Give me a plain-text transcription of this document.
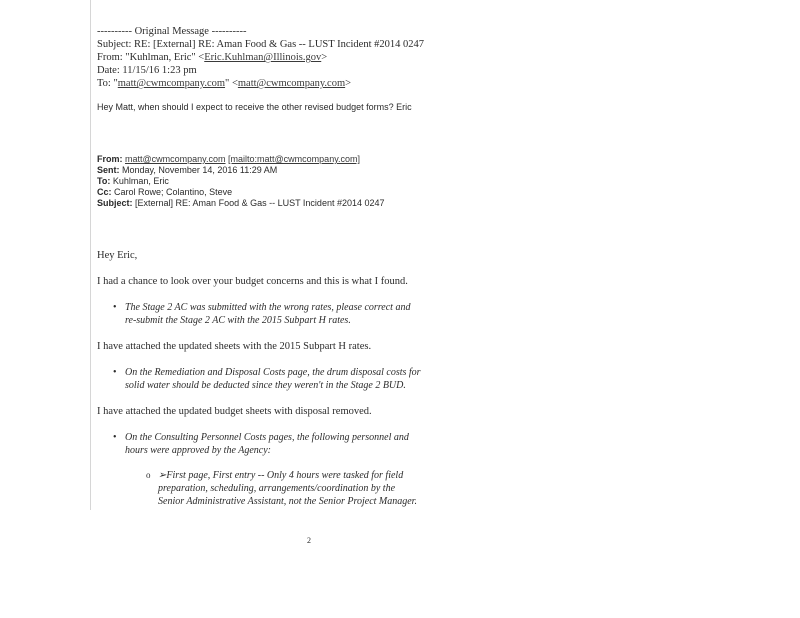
---------- Original Message ----------
Subject: RE: [External] RE: Aman Food & Gas -- LUST Incident #2014 0247
From: "Kuhlman, Eric" <Eric.Kuhlman@Illinois.gov>
Date: 11/15/16 1:23 pm
To: "matt@cwmcompany.com" <matt@cwmcompany.com>
Hey Matt, when should I expect to receive the other revised budget forms? Eric
From: matt@cwmcompany.com [mailto:matt@cwmcompany.com]
Sent: Monday, November 14, 2016 11:29 AM
To: Kuhlman, Eric
Cc: Carol Rowe; Colantino, Steve
Subject: [External] RE: Aman Food & Gas -- LUST Incident #2014 0247
Hey Eric,
I had a chance to look over your budget concerns and this is what I found.
• The Stage 2 AC was submitted with the wrong rates, please correct and
re-submit the Stage 2 AC with the 2015 Subpart H rates.
I have attached the updated sheets with the 2015 Subpart H rates.
• On the Remediation and Disposal Costs page, the drum disposal costs for
solid water should be deducted since they weren't in the Stage 2 BUD.
I have attached the updated budget sheets with disposal removed.
• On the Consulting Personnel Costs pages, the following personnel and
hours were approved by the Agency:
o ➢First page, First entry -- Only 4 hours were tasked for field
preparation, scheduling, arrangements/coordination by the
Senior Administrative Assistant, not the Senior Project Manager.
2
